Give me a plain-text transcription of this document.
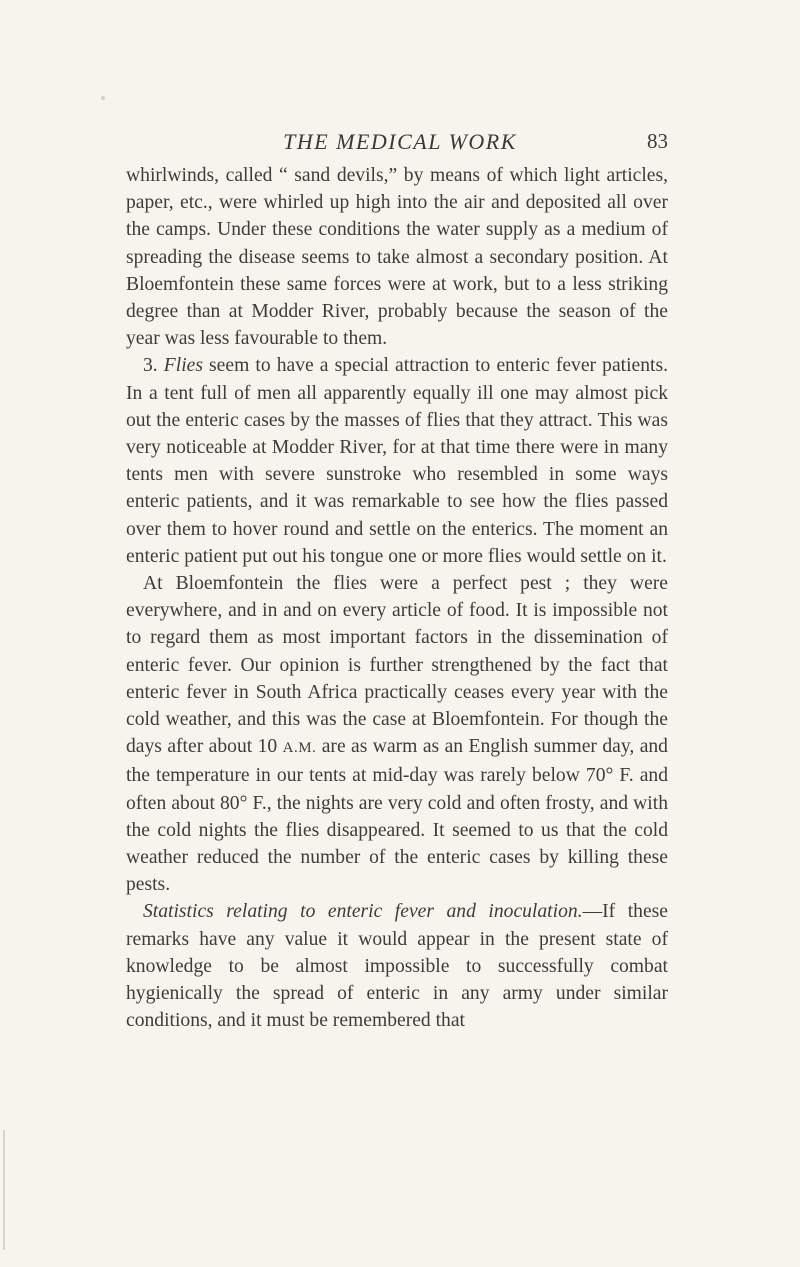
THE MEDICAL WORK	83

whirlwinds, called “ sand devils,” by means of which light articles, paper, etc., were whirled up high into the air and deposited all over the camps. Under these conditions the water supply as a medium of spreading the disease seems to take almost a secondary position. At Bloemfontein these same forces were at work, but to a less striking degree than at Modder River, probably because the season of the year was less favourable to them.

3. Flies seem to have a special attraction to enteric fever patients. In a tent full of men all apparently equally ill one may almost pick out the enteric cases by the masses of flies that they attract. This was very noticeable at Modder River, for at that time there were in many tents men with severe sunstroke who resembled in some ways enteric patients, and it was remarkable to see how the flies passed over them to hover round and settle on the enterics. The moment an enteric patient put out his tongue one or more flies would settle on it.

At Bloemfontein the flies were a perfect pest ; they were everywhere, and in and on every article of food. It is impossible not to regard them as most important factors in the dissemination of enteric fever. Our opinion is further strengthened by the fact that enteric fever in South Africa practically ceases every year with the cold weather, and this was the case at Bloemfontein. For though the days after about 10 A.M. are as warm as an English summer day, and the temperature in our tents at mid-day was rarely below 70° F. and often about 80° F., the nights are very cold and often frosty, and with the cold nights the flies disappeared. It seemed to us that the cold weather reduced the number of the enteric cases by killing these pests.

Statistics relating to enteric fever and inoculation.—If these remarks have any value it would appear in the present state of knowledge to be almost impossible to successfully combat hygienically the spread of enteric in any army under similar conditions, and it must be remembered that
